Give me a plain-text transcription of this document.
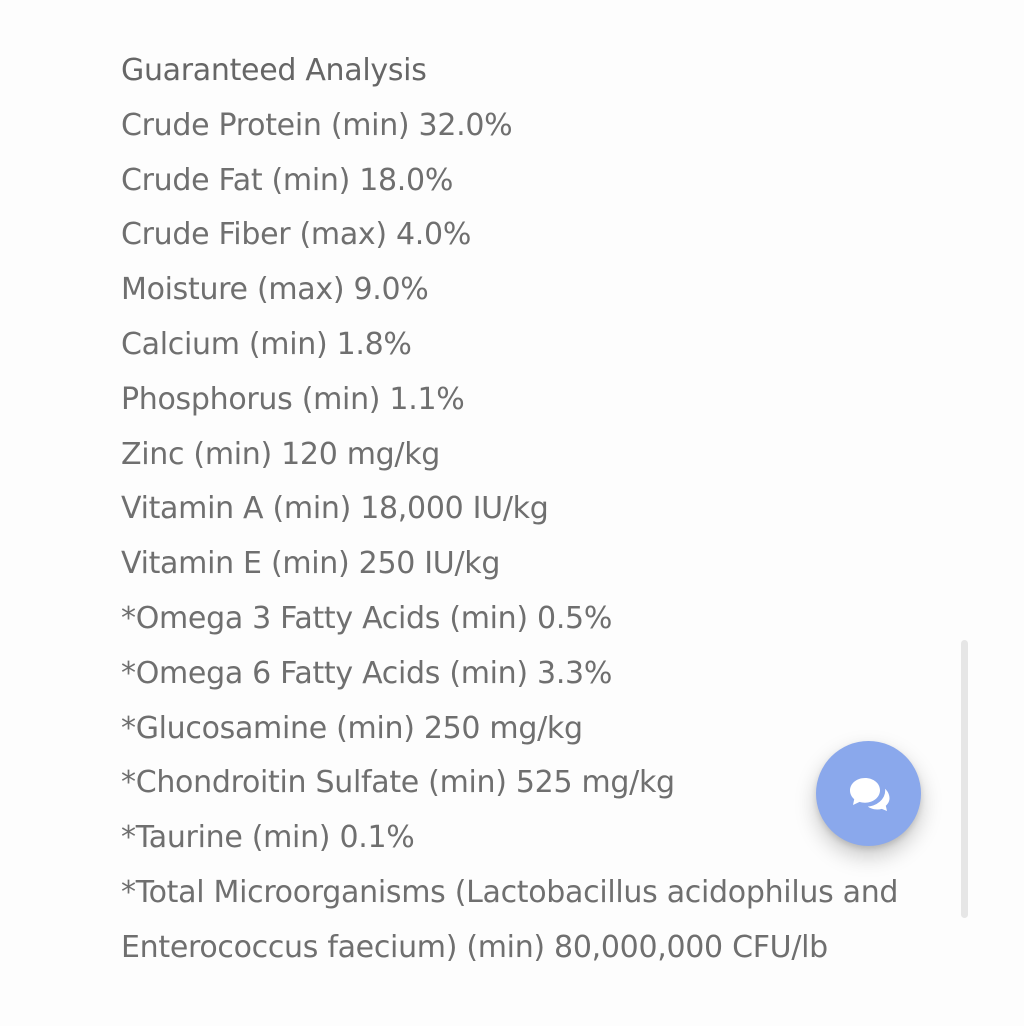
Guaranteed Analysis

Crude Protein (min) 32.0%

Crude Fat (min) 18.0%

Crude Fiber (max) 4.0%

Moisture (max) 9.0%

Calcium (min) 1.8%

Phosphorus (min) 1.1%

Zinc (min) 120 mg/kg

Vitamin A (min) 18,000 IU/kg

Vitamin E (min) 250 IU/kg

*Omega 3 Fatty Acids (min) 0.5%

*Omega 6 Fatty Acids (min) 3.3%

*Glucosamine (min) 250 mg/kg

*Chondroitin Sulfate (min) 525 mg/kg

*Taurine (min) 0.1%

*Total Microorganisms (Lactobacillus acidophilus and Enterococcus faecium) (min) 80,000,000 CFU/lb
